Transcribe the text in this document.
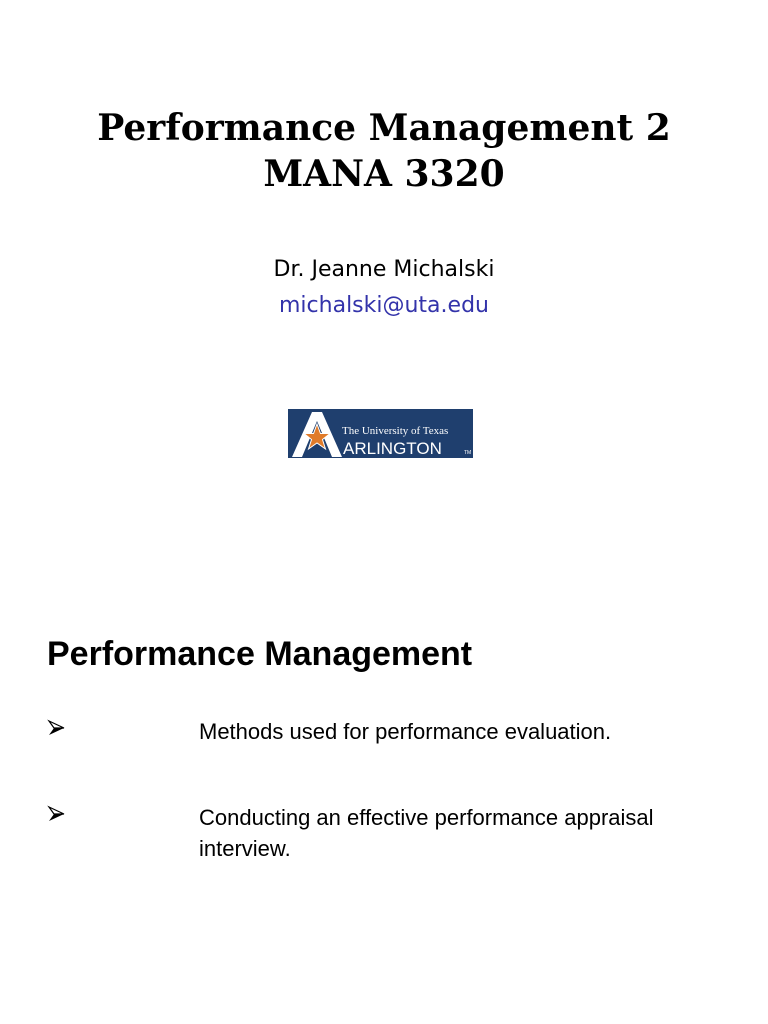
Performance Management 2
MANA 3320
Dr. Jeanne Michalski
michalski@uta.edu
The University of Texas
ARLINGTON	TM
Performance Management
Methods used for performance evaluation.
Conducting an effective performance appraisal interview.
